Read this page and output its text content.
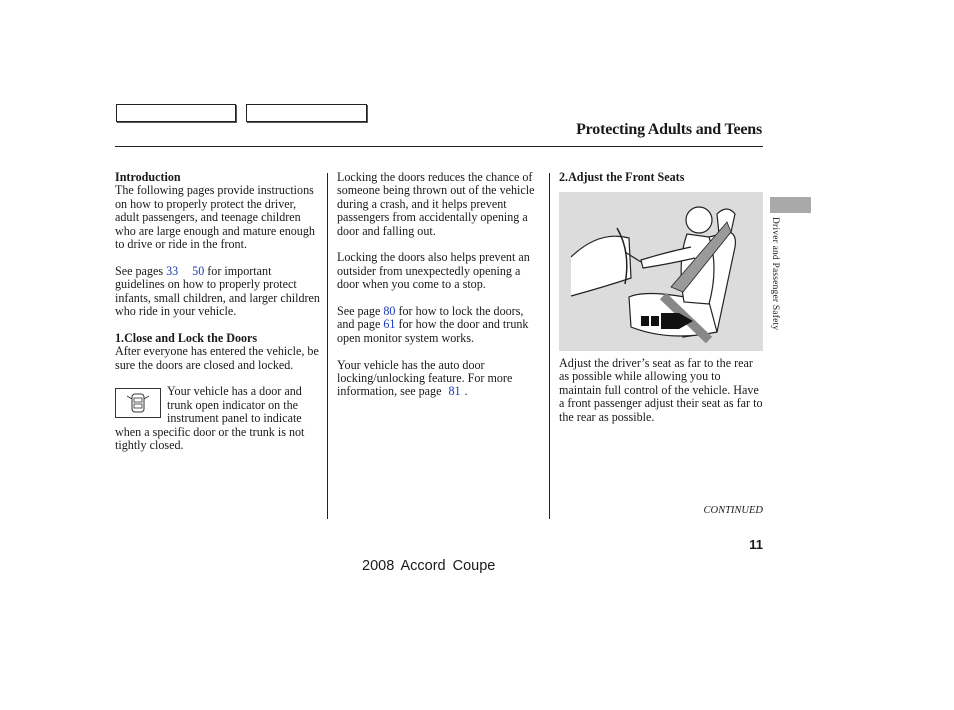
Protecting Adults and Teens

Introduction
The following pages provide instructions on how to properly protect the driver, adult passengers, and teenage children who are large enough and mature enough to drive or ride in the front.

See pages 33 50 for important guidelines on how to properly protect infants, small children, and larger children who ride in your vehicle.

1.Close and Lock the Doors
After everyone has entered the vehicle, be sure the doors are closed and locked.

Your vehicle has a door and trunk open indicator on the instrument panel to indicate when a specific door or the trunk is not tightly closed.

Locking the doors reduces the chance of someone being thrown out of the vehicle during a crash, and it helps prevent passengers from accidentally opening a door and falling out.

Locking the doors also helps prevent an outsider from unexpectedly opening a door when you come to a stop.

See page 80 for how to lock the doors, and page 61 for how the door and trunk open monitor system works.

Your vehicle has the auto door locking/unlocking feature. For more information, see page 81 .

2.Adjust the Front Seats

Adjust the driver’s seat as far to the rear as possible while allowing you to maintain full control of the vehicle. Have a front passenger adjust their seat as far to the rear as possible.

Driver and Passenger Safety
CONTINUED
11
2008 Accord Coupe
